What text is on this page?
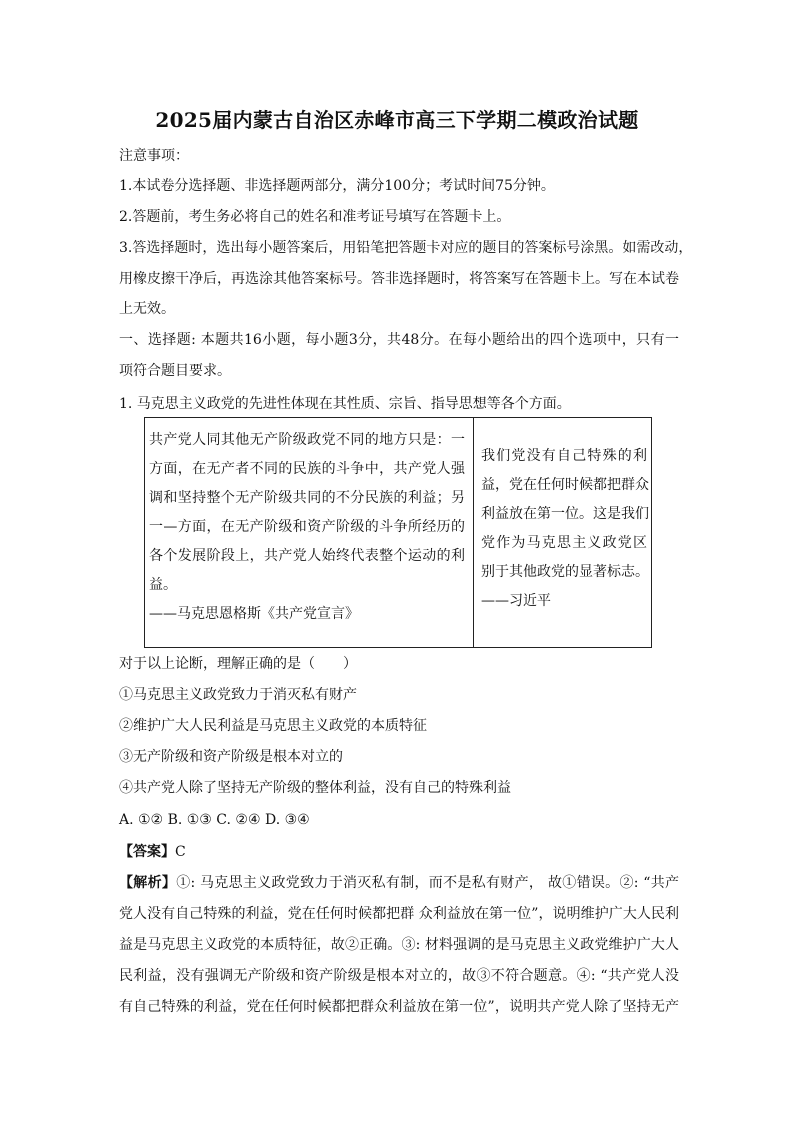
2025届内蒙古自治区赤峰市高三下学期二模政治试题
注意事项：
1.本试卷分选择题、非选择题两部分，满分100分；考试时间75分钟。
2.答题前，考生务必将自己的姓名和准考证号填写在答题卡上。
3.答选择题时，选出每小题答案后，用铅笔把答题卡对应的题目的答案标号涂黑。如需改动，
用橡皮擦干净后，再选涂其他答案标号。答非选择题时，将答案写在答题卡上。写在本试卷
上无效。
一、选择题: 本题共16小题，每小题3分，共48分。在每小题给出的四个选项中，只有一
项符合题目要求。
1. 马克思主义政党的先进性体现在其性质、宗旨、指导思想等各个方面。
共产党人同其他无产阶级政党不同的地方只是：一
方面，在无产者不同的民族的斗争中，共产党人强
调和坚持整个无产阶级共同的不分民族的利益；另
一—方面，在无产阶级和资产阶级的斗争所经历的
各个发展阶段上，共产党人始终代表整个运动的利
益。
——马克思恩格斯《共产党宣言》
我们党没有自己特殊的利
益，党在任何时候都把群众
利益放在第一位。这是我们
党作为马克思主义政党区
别于其他政党的显著标志。
——习近平
对于以上论断，理解正确的是（　　）
①马克思主义政党致力于消灭私有财产
②维护广大人民利益是马克思主义政党的本质特征
③无产阶级和资产阶级是根本对立的
④共产党人除了坚持无产阶级的整体利益，没有自己的特殊利益
A. ①② B. ①③ C. ②④ D. ③④
【答案】C
【解析】①: 马克思主义政党致力于消灭私有制，而不是私有财产， 故①错误。②: “共产
党人没有自己特殊的利益，党在任何时候都把群 众利益放在第一位”，说明维护广大人民利
益是马克思主义政党的本质特征，故②正确。③: 材料强调的是马克思主义政党维护广大人
民利益，没有强调无产阶级和资产阶级是根本对立的，故③不符合题意。④: “共产党人没
有自己特殊的利益，党在任何时候都把群众利益放在第一位”，说明共产党人除了坚持无产
